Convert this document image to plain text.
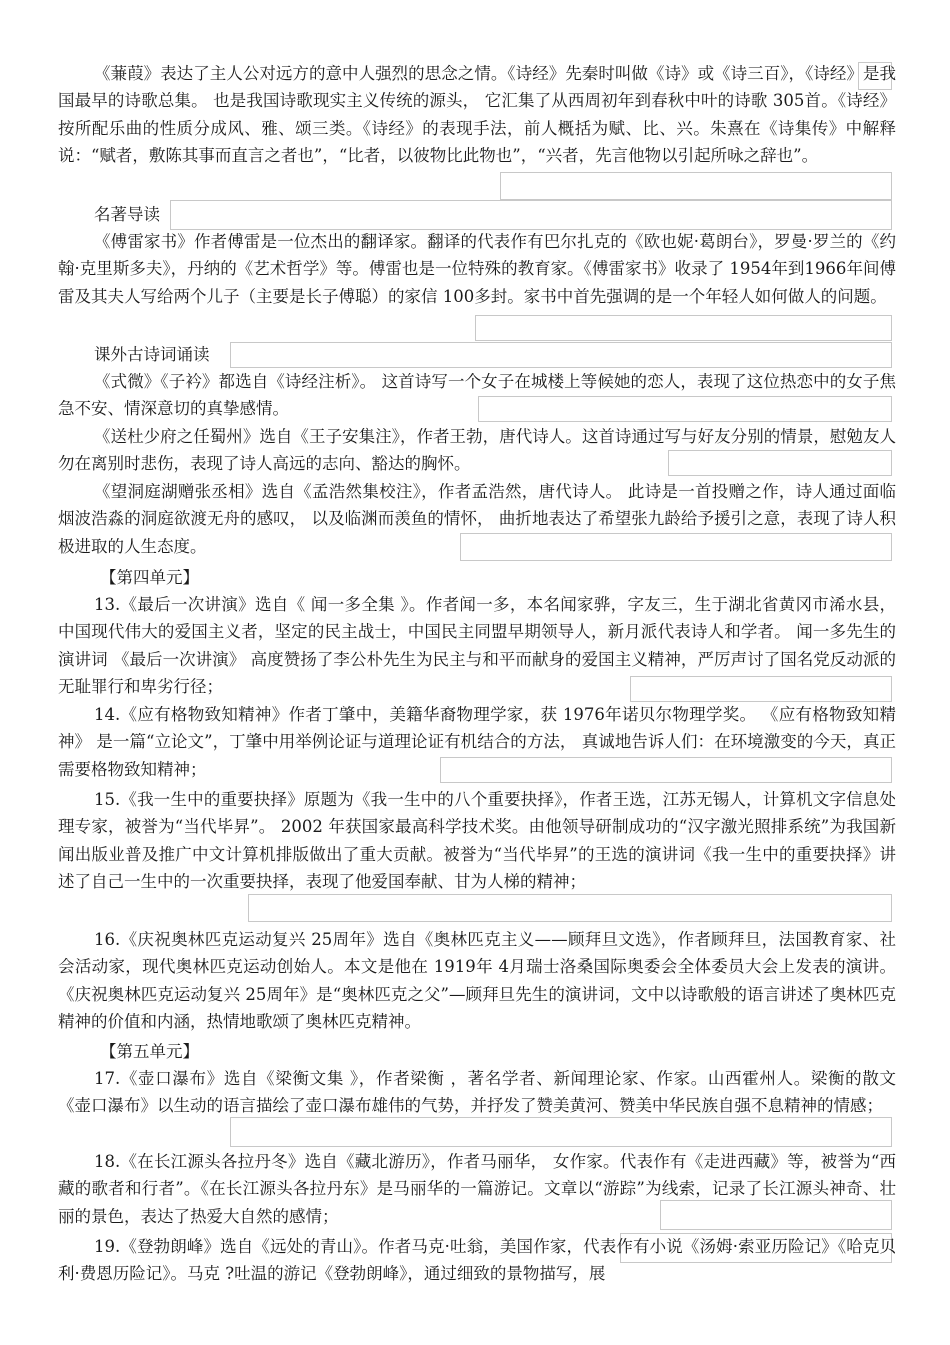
《蒹葭》表达了主人公对远方的意中人强烈的思念之情。《诗经》先秦时叫做《诗》或《诗三百》，《诗经》是我国最早的诗歌总集。 也是我国诗歌现实主义传统的源头， 它汇集了从西周初年到春秋中叶的诗歌 305首。《诗经》按所配乐曲的性质分成风、雅、颂三类。《诗经》的表现手法，前人概括为赋、比、兴。朱熹在《诗集传》中解释说：“赋者，敷陈其事而直言之者也”，“比者，以彼物比此物也”，“兴者，先言他物以引起所咏之辞也”。
名著导读
《傅雷家书》作者傅雷是一位杰出的翻译家。翻译的代表作有巴尔扎克的《欧也妮·葛朗台》，罗曼·罗兰的《约翰·克里斯多夫》，丹纳的《艺术哲学》等。傅雷也是一位特殊的教育家。《傅雷家书》收录了 1954年到1966年间傅雷及其夫人写给两个儿子（主要是长子傅聪）的家信 100多封。家书中首先强调的是一个年轻人如何做人的问题。
课外古诗词诵读
《式微》《子衿》都选自《诗经注析》。 这首诗写一个女子在城楼上等候她的恋人，表现了这位热恋中的女子焦急不安、情深意切的真挚感情。
《送杜少府之任蜀州》选自《王子安集注》，作者王勃，唐代诗人。这首诗通过写与好友分别的情景，慰勉友人勿在离别时悲伤，表现了诗人高远的志向、豁达的胸怀。
《望洞庭湖赠张丞相》选自《孟浩然集校注》，作者孟浩然，唐代诗人。 此诗是一首投赠之作，诗人通过面临烟波浩淼的洞庭欲渡无舟的感叹， 以及临渊而羡鱼的情怀， 曲折地表达了希望张九龄给予援引之意，表现了诗人积极进取的人生态度。
【第四单元】
13.《最后一次讲演》选自《 闻一多全集 》。作者闻一多，本名闻家骅，字友三，生于湖北省黄冈市浠水县，中国现代伟大的爱国主义者，坚定的民主战士，中国民主同盟早期领导人，新月派代表诗人和学者。 闻一多先生的演讲词 《最后一次讲演》 高度赞扬了李公朴先生为民主与和平而献身的爱国主义精神，严厉声讨了国名党反动派的无耻罪行和卑劣行径；
14.《应有格物致知精神》作者丁肇中，美籍华裔物理学家，获 1976年诺贝尔物理学奖。 《应有格物致知精神》 是一篇“立论文”，丁肇中用举例论证与道理论证有机结合的方法， 真诚地告诉人们：在环境激变的今天，真正需要格物致知精神；
15.《我一生中的重要抉择》原题为《我一生中的八个重要抉择》，作者王选，江苏无锡人，计算机文字信息处理专家，被誉为“当代毕昇”。 2002 年获国家最高科学技术奖。由他领导研制成功的“汉字激光照排系统”为我国新闻出版业普及推广中文计算机排版做出了重大贡献。被誉为“当代毕昇”的王选的演讲词《我一生中的重要抉择》讲述了自己一生中的一次重要抉择，表现了他爱国奉献、甘为人梯的精神；
16.《庆祝奥林匹克运动复兴 25周年》选自《奥林匹克主义——顾拜旦文选》，作者顾拜旦，法国教育家、社会活动家，现代奥林匹克运动创始人。本文是他在 1919年 4月瑞士洛桑国际奥委会全体委员大会上发表的演讲。《庆祝奥林匹克运动复兴 25周年》是“奥林匹克之父”—顾拜旦先生的演讲词，文中以诗歌般的语言讲述了奥林匹克精神的价值和内涵，热情地歌颂了奥林匹克精神。
【第五单元】
17.《壶口瀑布》选自《梁衡文集 》，作者梁衡 ，著名学者、新闻理论家、作家。山西霍州人。梁衡的散文《壶口瀑布》以生动的语言描绘了壶口瀑布雄伟的气势，并抒发了赞美黄河、赞美中华民族自强不息精神的情感；
18.《在长江源头各拉丹冬》选自《藏北游历》，作者马丽华， 女作家。代表作有《走进西藏》等，被誉为“西藏的歌者和行者”。《在长江源头各拉丹东》是马丽华的一篇游记。文章以“游踪”为线索，记录了长江源头神奇、壮丽的景色，表达了热爱大自然的感情；
19.《登勃朗峰》选自《远处的青山》。作者马克·吐翁，美国作家，代表作有小说《汤姆·索亚历险记》《哈克贝利·费恩历险记》。马克 ?吐温的游记《登勃朗峰》，通过细致的景物描写，展
